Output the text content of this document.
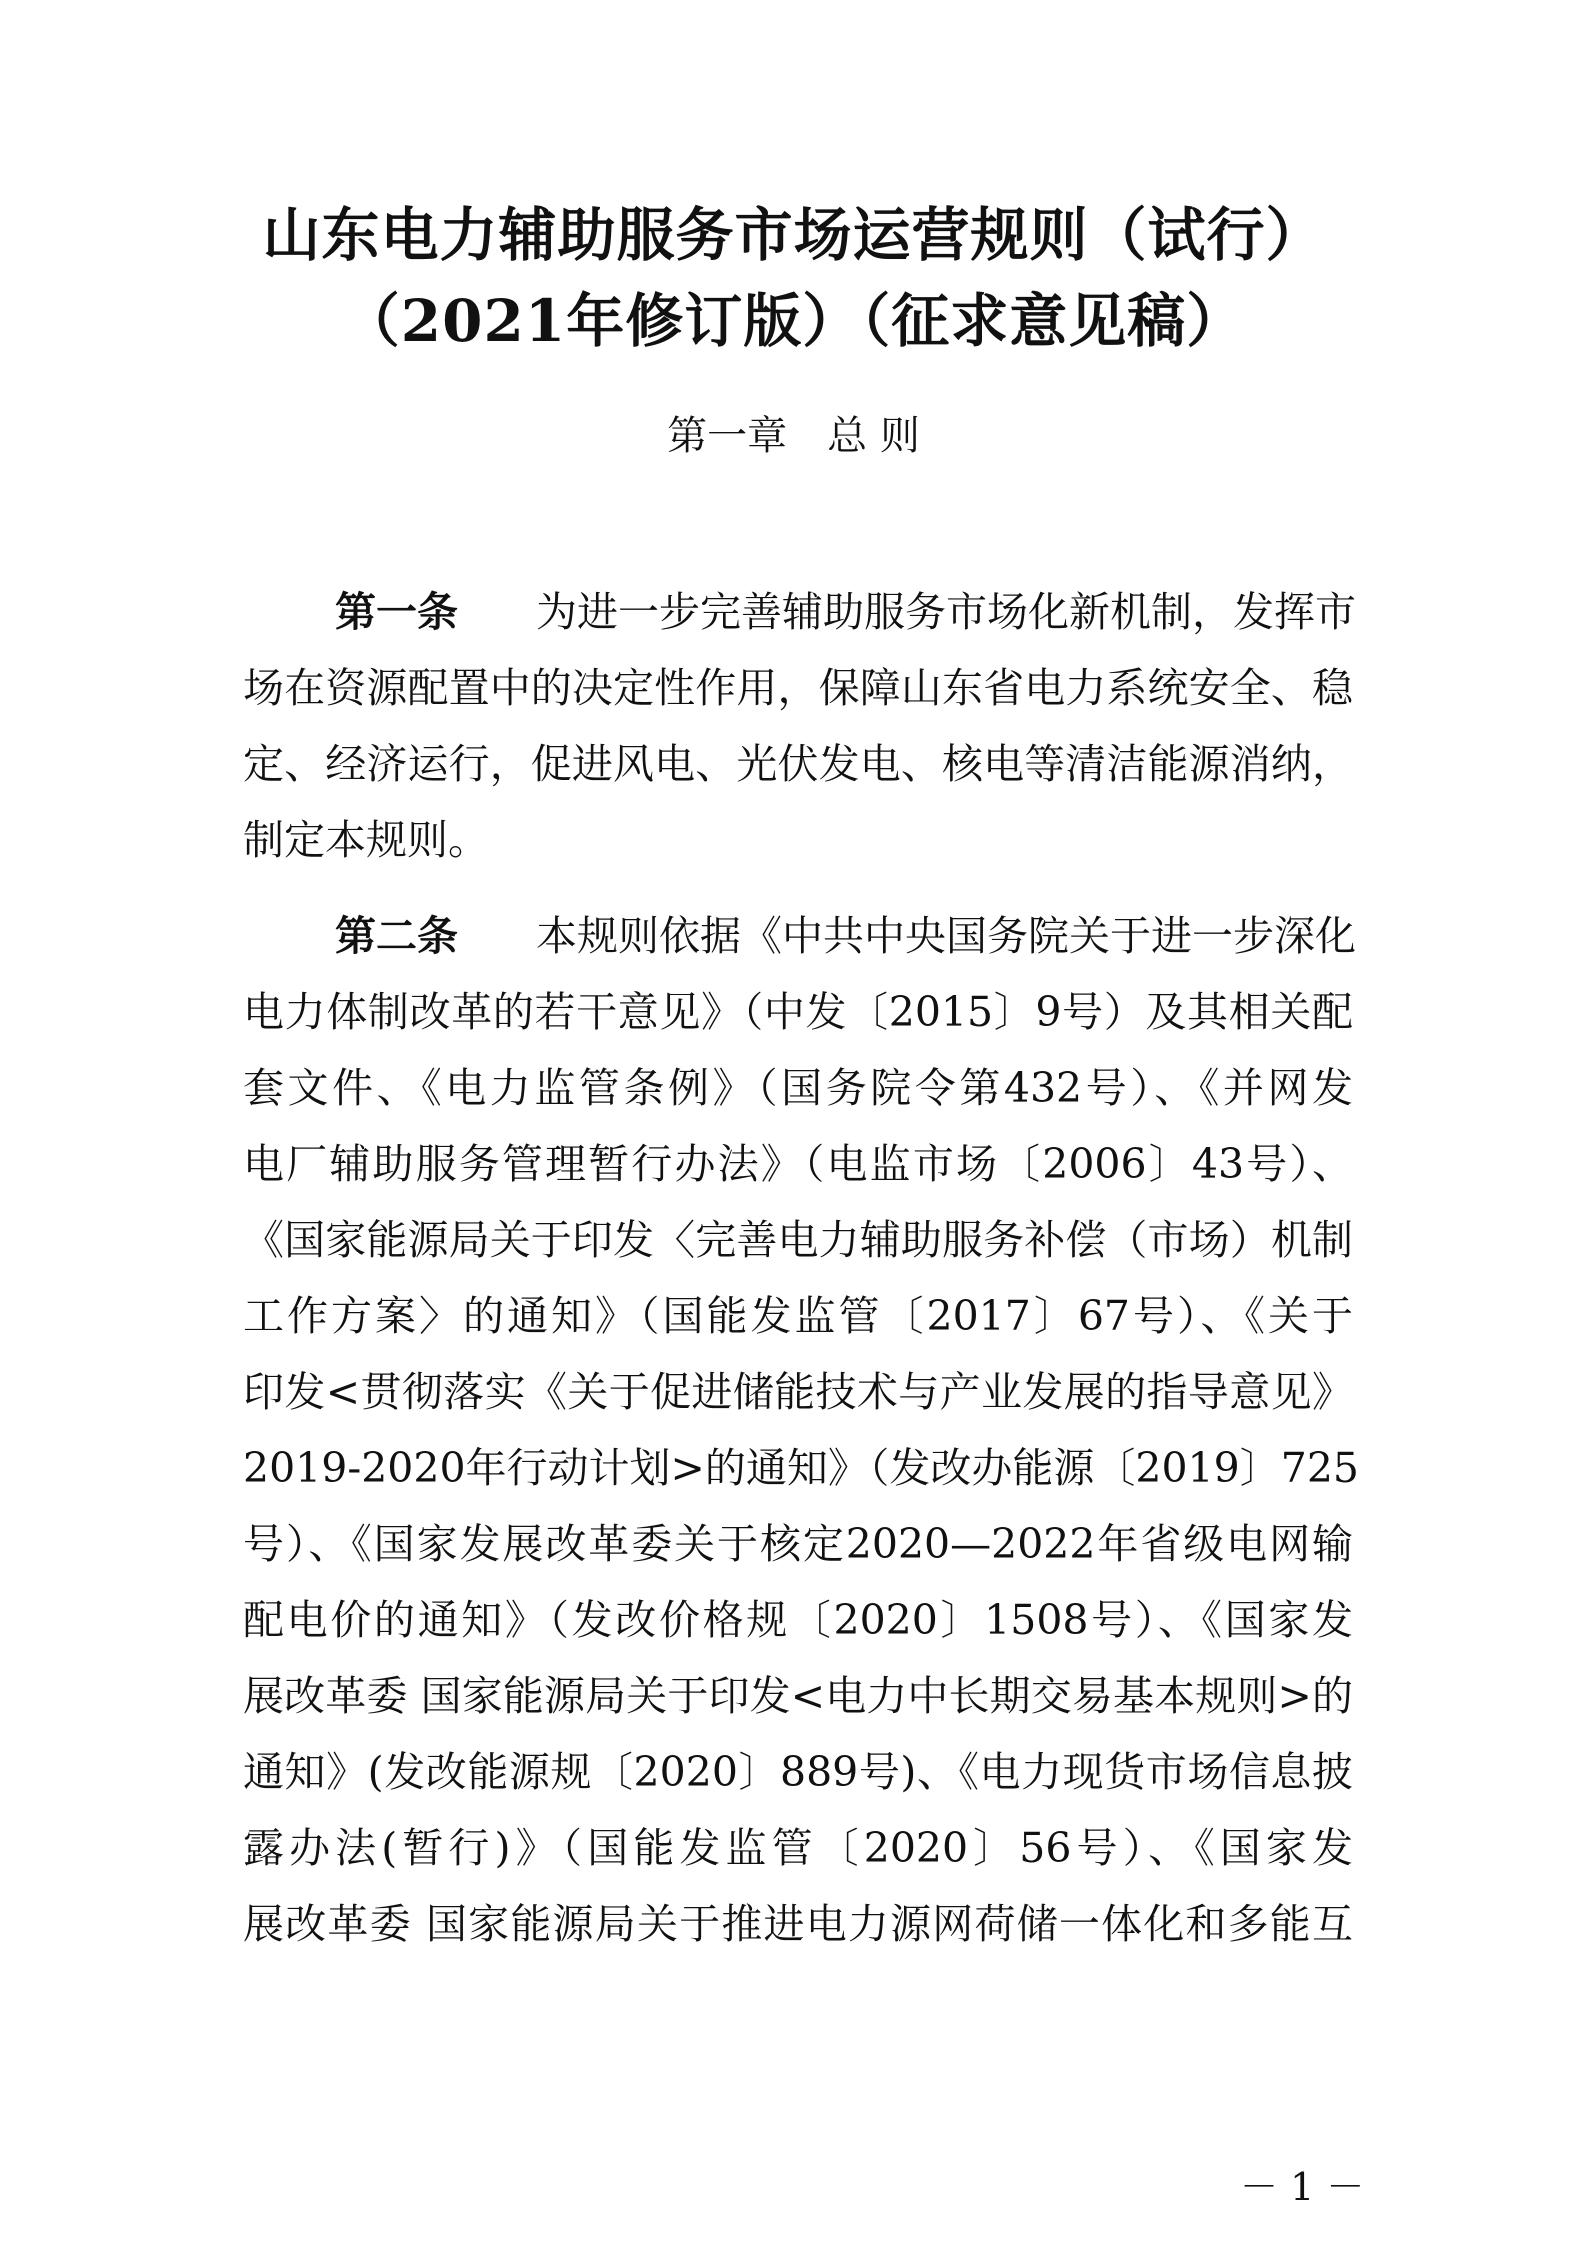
山东电力辅助服务市场运营规则（试行）
（2021年修订版）（征求意见稿）
第一章　总 则
第一条 为进一步完善辅助服务市场化新机制，发挥市
场在资源配置中的决定性作用，保障山东省电力系统安全、稳
定、经济运行，促进风电、光伏发电、核电等清洁能源消纳，
制定本规则。
第二条 本规则依据《中共中央国务院关于进一步深化
电力体制改革的若干意见》（中发〔2015〕9号）及其相关配
套文件、《电力监管条例》（国务院令第432号）、《并网发
电厂辅助服务管理暂行办法》（电监市场〔2006〕43号）、
《国家能源局关于印发〈完善电力辅助服务补偿（市场）机制
工作方案〉的通知》（国能发监管〔2017〕67号）、《关于
印发<贯彻落实《关于促进储能技术与产业发展的指导意见》
2019-2020年行动计划>的通知》（发改办能源〔2019〕725
号）、《国家发展改革委关于核定2020—2022年省级电网输
配电价的通知》（发改价格规〔2020〕1508号）、《国家发
展改革委 国家能源局关于印发<电力中长期交易基本规则>的
通知》(发改能源规〔2020〕889号)、《电力现货市场信息披
露办法(暂行)》（国能发监管〔2020〕56号）、《国家发
展改革委 国家能源局关于推进电力源网荷储一体化和多能互
－ 1 －
